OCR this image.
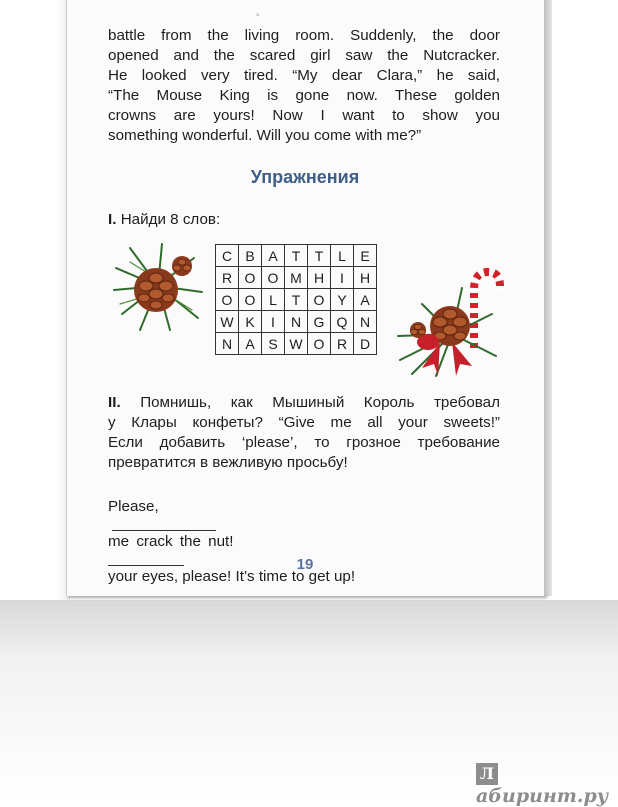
°
battle from the living room. Suddenly, the door
opened and the scared girl saw the Nutcracker.
He looked very tired. “My dear Clara,” he said,
“The Mouse King is gone now. These golden
crowns are yours! Now I want to show you
something wonderful. Will you come with me?”
Упражнения
I. Найди 8 слов:
C	B	A	T	T	L	E
R	O	O	M	H	I	H
O	O	L	T	O	Y	A
W	K	I	N	G	Q	N
N	A	S	W	O	R	D
II. Помнишь, как Мышиный Король требовал
у Клары конфеты? “Give me all your sweets!”
Если добавить ‘please’, то грозное требование
превратится в вежливую просьбу!
Please,
me crack the nut!
your eyes, please! It’s time to get up!
19
Лабиринт.ру
